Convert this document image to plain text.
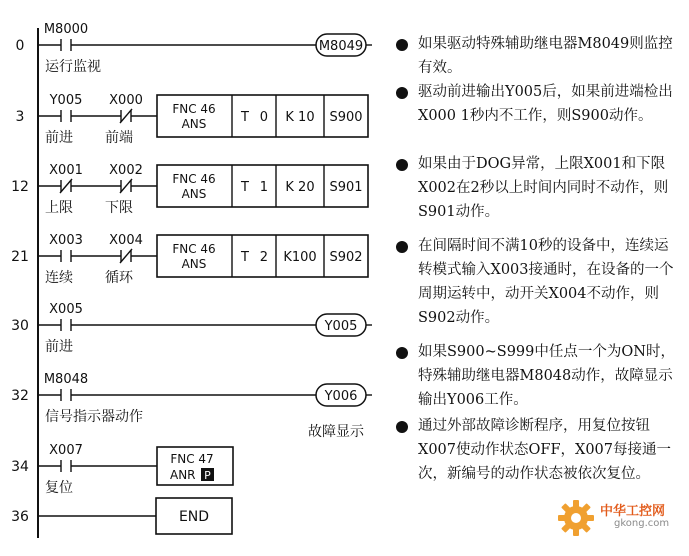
0
M8000
运行监视
M8049
3
Y005
前进
X000
前端
FNC 46
ANS	T 0 K 10 S900
12
X001
上限
X002
下限
FNC 46
ANS	T 1 K 20 S901
21
X003
连续
X004
循环
FNC 46
ANS	T 2 K100 S902
30
X005
前进
Y005
32
M8048
信号指示器动作
Y006
故障显示
34
X007
复位
FNC 47
ANR P
36	END
如果驱动特殊辅助继电器M8049则监控有效。
驱动前进输出Y005后，如果前进端检出X000 1秒内不工作，则S900动作。
如果由于DOG异常，上限X001和下限X002在2秒以上时间内同时不动作，则S901动作。
在间隔时间不满10秒的设备中，连续运转模式输入X003接通时，在设备的一个周期运转中，动开关X004不动作，则S902动作。
如果S900~S999中任点一个为ON时，特殊辅助继电器M8048动作，故障显示输出Y006工作。
通过外部故障诊断程序，用复位按钮X007使动作状态OFF，X007每接通一次，新编号的动作状态被依次复位。
中华工控网
gkong.com
